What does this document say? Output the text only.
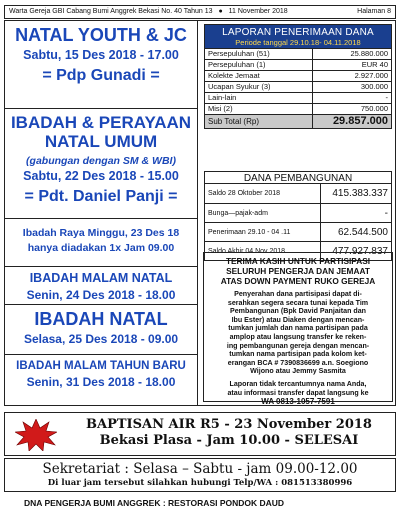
Warta Gereja GBI Cabang Bumi Anggrek Bekasi No. 40 Tahun 13 ● 11 November 2018	Halaman 8
NATAL YOUTH & JC
Sabtu, 15 Des 2018 - 17.00
= Pdp Gunadi =
IBADAH & PERAYAAN
NATAL UMUM
(gabungan dengan SM & WBI)
Sabtu, 22 Des 2018 - 15.00
= Pdt. Daniel Panji =
Ibadah Raya Minggu, 23 Des 18
hanya diadakan 1x Jam 09.00
IBADAH MALAM NATAL
Senin, 24 Des 2018 - 18.00
IBADAH NATAL
Selasa, 25 Des 2018 - 09.00
IBADAH MALAM TAHUN BARU
Senin, 31 Des 2018 - 18.00
LAPORAN PENERIMAAN DANA
Periode tanggal 29.10.18- 04.11.2018
Persepuluhan (51)	25.880.000
Persepuluhan (1)	EUR 40
Kolekte Jemaat	2.927.000
Ucapan Syukur (3)	300.000
Lain-lain	-
Misi (2)	750.000
Sub Total (Rp)	29.857.000
DANA PEMBANGUNAN
Saldo 28 Oktober 2018	415.383.337
Bunga—pajak-adm	-
Penerimaan 29.10 - 04 .11	62.544.500
Saldo Akhir 04 Nov 2018	477.927.837
TERIMA KASIH UNTUK PARTISIPASI
SELURUH PENGERJA DAN JEMAAT
ATAS DOWN PAYMENT RUKO GEREJA
Penyerahan dana partisipasi dapat di-
serahkan segera secara tunai kepada Tim
Pembangunan (Bpk David Panjaitan dan
Ibu Ester) atau Diaken dengan mencan-
tumkan jumlah dan nama partisipan pada
amplop atau langsung transfer ke reken-
ing pembangunan gereja dengan mencan-
tumkan nama partisipan pada kolom ket-
erangan BCA # 7390836699 a.n. Soegiono
Wijono atau Jemmy Sasmita
Laporan tidak tercantumnya nama Anda,
atau informasi transfer dapat langsung ke
WA 0813-1057-7591
BAPTISAN AIR R5 - 23 November 2018
Bekasi Plasa - Jam 10.00 - SELESAI
Sekretariat : Selasa – Sabtu - jam 09.00-12.00
Di luar jam tersebut silahkan hubungi Telp/WA : 081513380996
DNA PENGERJA BUMI ANGGREK : RESTORASI PONDOK DAUD
